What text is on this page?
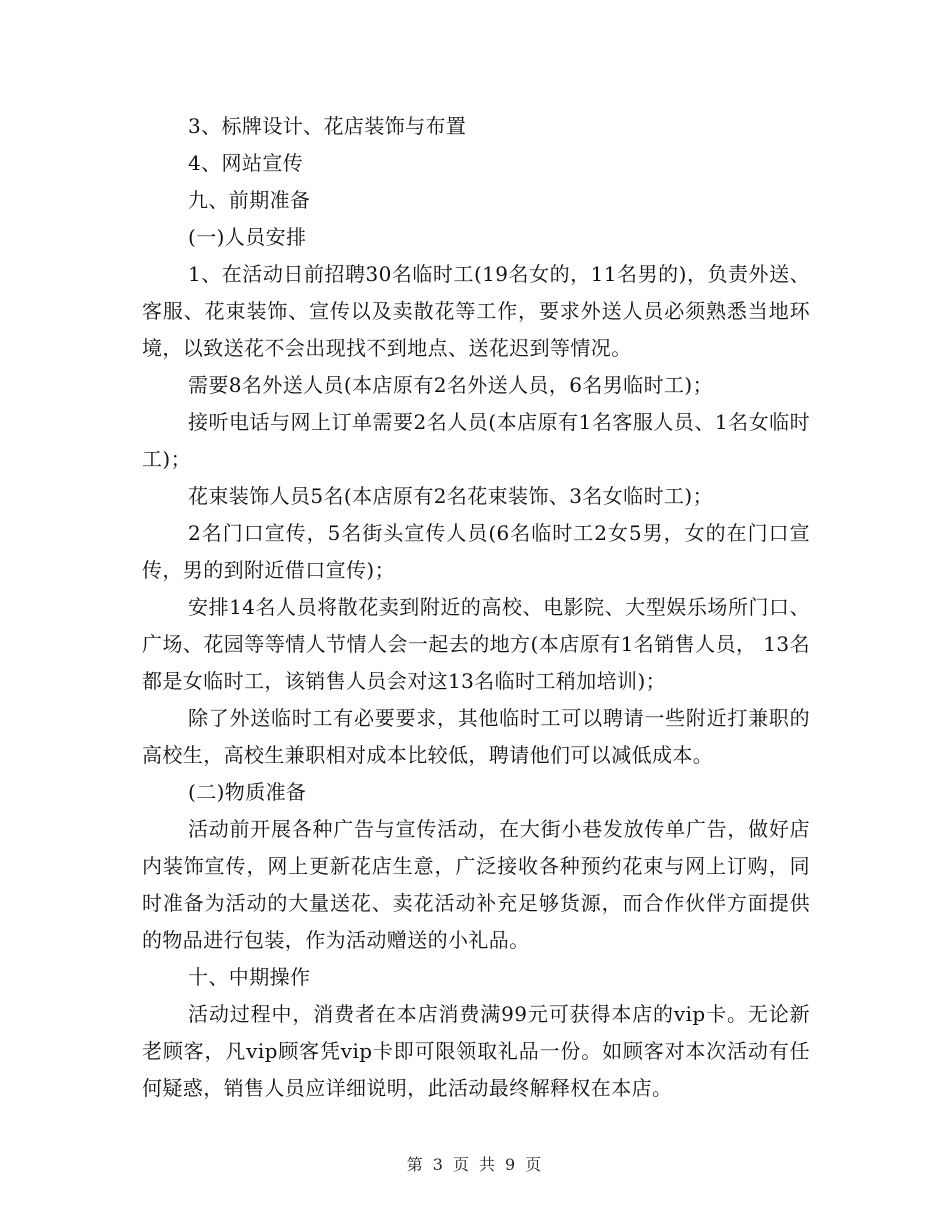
3、标牌设计、花店装饰与布置

4、网站宣传

九、前期准备

(一)人员安排

1、在活动日前招聘30名临时工(19名女的，11名男的)，负责外送、客服、花束装饰、宣传以及卖散花等工作，要求外送人员必须熟悉当地环境，以致送花不会出现找不到地点、送花迟到等情况。

需要8名外送人员(本店原有2名外送人员，6名男临时工)；

接听电话与网上订单需要2名人员(本店原有1名客服人员、1名女临时工)；

花束装饰人员5名(本店原有2名花束装饰、3名女临时工)；

2名门口宣传，5名街头宣传人员(6名临时工2女5男，女的在门口宣传，男的到附近借口宣传)；

安排14名人员将散花卖到附近的高校、电影院、大型娱乐场所门口、广场、花园等等情人节情人会一起去的地方(本店原有1名销售人员， 13名都是女临时工，该销售人员会对这13名临时工稍加培训)；

除了外送临时工有必要要求，其他临时工可以聘请一些附近打兼职的高校生，高校生兼职相对成本比较低，聘请他们可以减低成本。

(二)物质准备

活动前开展各种广告与宣传活动，在大街小巷发放传单广告，做好店内装饰宣传，网上更新花店生意，广泛接收各种预约花束与网上订购，同时准备为活动的大量送花、卖花活动补充足够货源，而合作伙伴方面提供的物品进行包装，作为活动赠送的小礼品。

十、中期操作

活动过程中，消费者在本店消费满99元可获得本店的vip卡。无论新老顾客，凡vip顾客凭vip卡即可限领取礼品一份。如顾客对本次活动有任何疑惑，销售人员应详细说明，此活动最终解释权在本店。

第 3 页 共 9 页
